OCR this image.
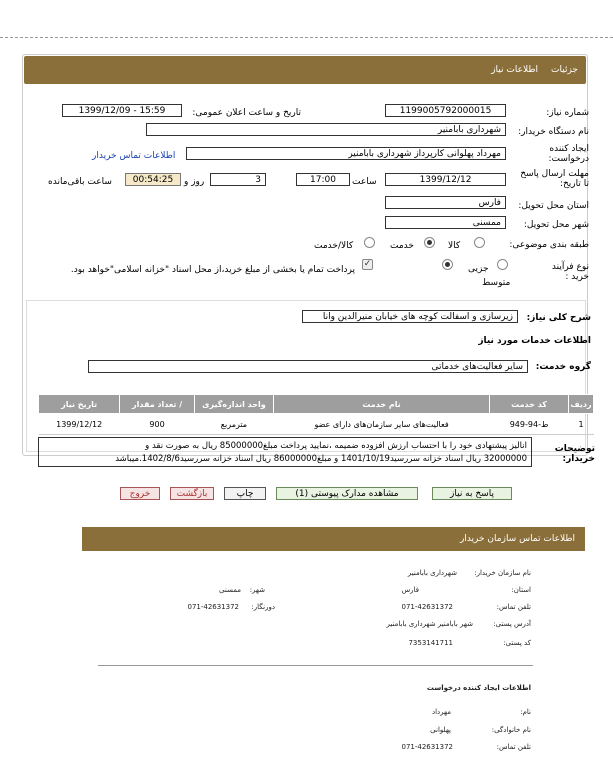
جزئیات
اطلاعات نیاز
شماره نیاز:
1199005792000015
تاریخ و ساعت اعلان عمومی:
1399/12/09 - 15:59
نام دستگاه خریدار:
شهرداری بابامنیر
ایجاد کننده درخواست:
مهرداد پهلوانی کارپرداز شهرداری بابامنیر
اطلاعات تماس خریدار
مهلت ارسال پاسخ تا تاریخ:
1399/12/12
ساعت
17:00
3
روز و
00:54:25
ساعت باقی‌مانده
استان محل تحویل:
فارس
شهر محل تحویل:
ممسنی
طبقه بندی موضوعی:
کالا
خدمت
کالا/خدمت
نوع فرآیند خرید :
جزیی
متوسط
✓
پرداخت تمام یا بخشی از مبلغ خرید،از محل اسناد "خزانه اسلامی"خواهد بود.
شرح کلی نیاز:
زیرسازی و اسفالت کوچه های خیابان منیرالدین وانا
اطلاعات خدمات مورد نیاز
گروه خدمت:
سایر فعالیت‌های خدماتی
ردیف	کد خدمت	نام خدمت	واحد اندازه‌گیری	/ تعداد مقدار	تاریخ نیاز
1	ط-94-949	فعالیت‌های سایر سازمان‌های دارای عضو	مترمربع	900	1399/12/12
توضیحات خریدار:
انالیز پیشنهادی خود را با احتساب ارزش افزوده ضمیمه ،نمایید پرداخت مبلغ85000000 ریال به صورت نقد و
32000000 ریال اسناد خزانه سررسید1401/10/19 و مبلغ86000000 ریال اسناد خزانه سررسید1402/8/6.میباشد
پاسخ به نیاز
مشاهده مدارک پیوستی (1)
چاپ
بازگشت
خروج
اطلاعات تماس سازمان خریدار
نام سازمان خریدار:
شهرداری بابامنیر
استان:
فارس
شهر:
ممسنی
تلفن تماس:
071-42631372
دورنگار:
071-42631372
آدرس پستی:
شهر بابامنیر شهرداری بابامنیر
کد پستی:
7353141711
اطلاعات ایجاد کننده درخواست
نام:
مهرداد
نام خانوادگی:
پهلوانی
تلفن تماس:
071-42631372
